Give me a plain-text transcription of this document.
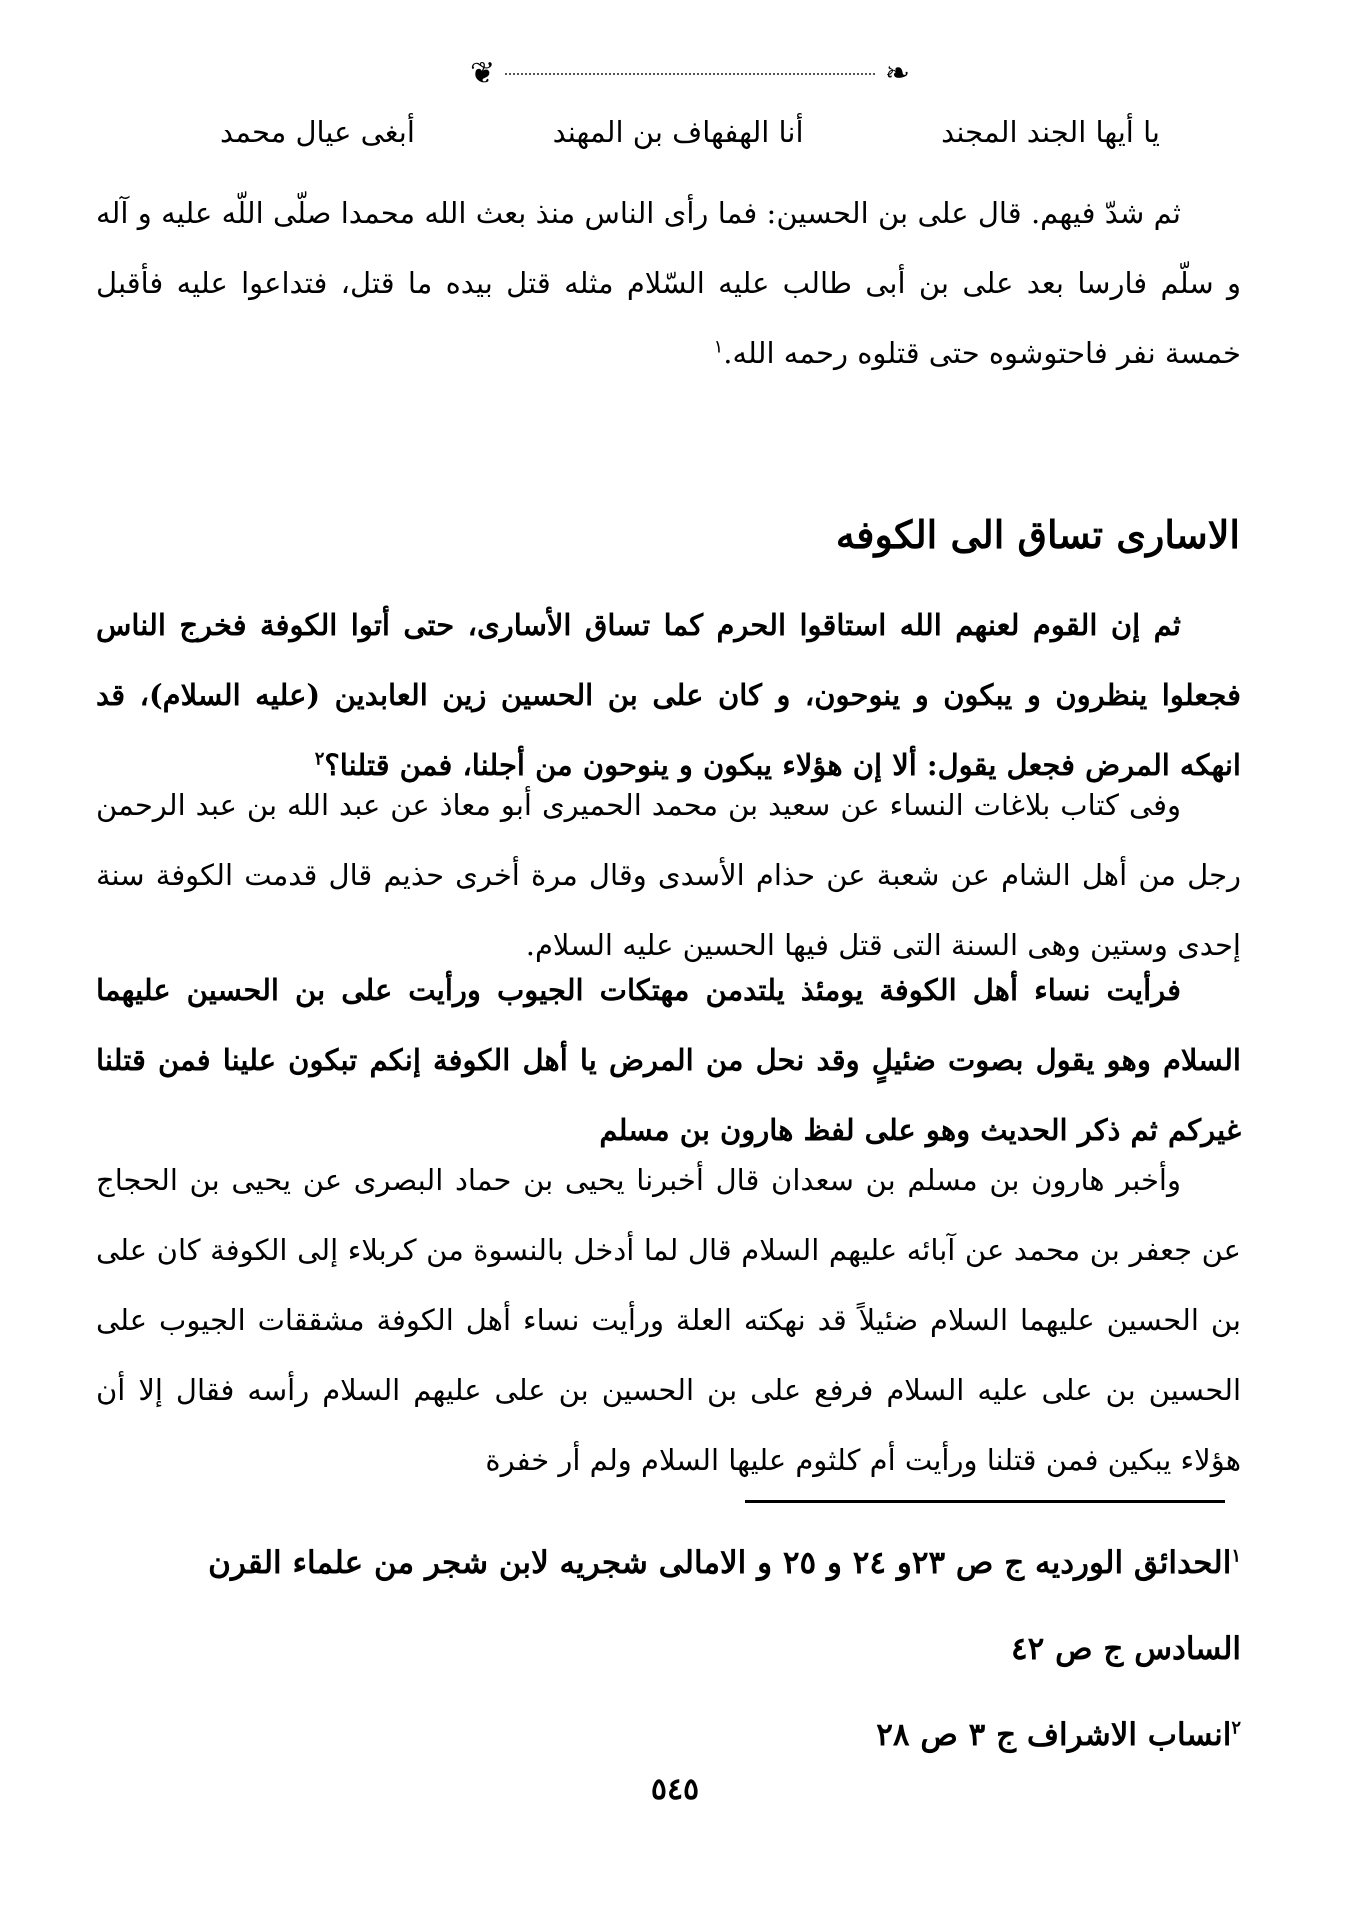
❦	❧
يا أيها الجند المجند
أنا الهفهاف بن المهند
أبغى عيال محمد

ثم شدّ فيهم. قال على بن الحسين: فما رأى الناس منذ بعث الله محمدا صلّى اللّه عليه و آله و سلّم فارسا بعد على بن أبى طالب عليه السّلام مثله قتل بيده ما قتل، فتداعوا عليه فأقبل خمسة نفر فاحتوشوه حتى قتلوه رحمه الله.$^١$

الاسارى تساق الى الكوفه

ثم إن القوم لعنهم الله استاقوا الحرم كما تساق الأسارى، حتى أتوا الكوفة فخرج الناس فجعلوا ينظرون و يبكون و ينوحون، و كان على بن الحسين زين العابدين (عليه السلام)، قد انهكه المرض فجعل يقول: ألا إن هؤلاء يبكون و ينوحون من أجلنا، فمن قتلنا؟$^٢$

وفى كتاب بلاغات النساء عن سعيد بن محمد الحميرى أبو معاذ عن عبد الله بن عبد الرحمن رجل من أهل الشام عن شعبة عن حذام الأسدى وقال مرة أخرى حذيم قال قدمت الكوفة سنة إحدى وستين وهى السنة التى قتل فيها الحسين عليه السلام.

فرأيت نساء أهل الكوفة يومئذ يلتدمن مهتكات الجيوب ورأيت على بن الحسين عليهما السلام وهو يقول بصوت ضئيلٍ وقد نحل من المرض يا أهل الكوفة إنكم تبكون علينا فمن قتلنا غيركم ثم ذكر الحديث وهو على لفظ هارون بن مسلم

وأخبر هارون بن مسلم بن سعدان قال أخبرنا يحيى بن حماد البصرى عن يحيى بن الحجاج عن جعفر بن محمد عن آبائه عليهم السلام قال لما أدخل بالنسوة من كربلاء إلى الكوفة كان على بن الحسين عليهما السلام ضئيلاً قد نهكته العلة ورأيت نساء أهل الكوفة مشققات الجيوب على الحسين بن على عليه السلام فرفع على بن الحسين بن على عليهم السلام رأسه فقال إلا أن هؤلاء يبكين فمن قتلنا ورأيت أم كلثوم عليها السلام ولم أر خفرة

$^١$الحدائق الورديه ج ص ٢٣و ٢٤ و ٢٥ و الامالى شجريه لابن شجر من علماء القرن السادس ج ص ٤٢

$^٢$انساب الاشراف ج ٣ ص ٢٨

٥٤٥
